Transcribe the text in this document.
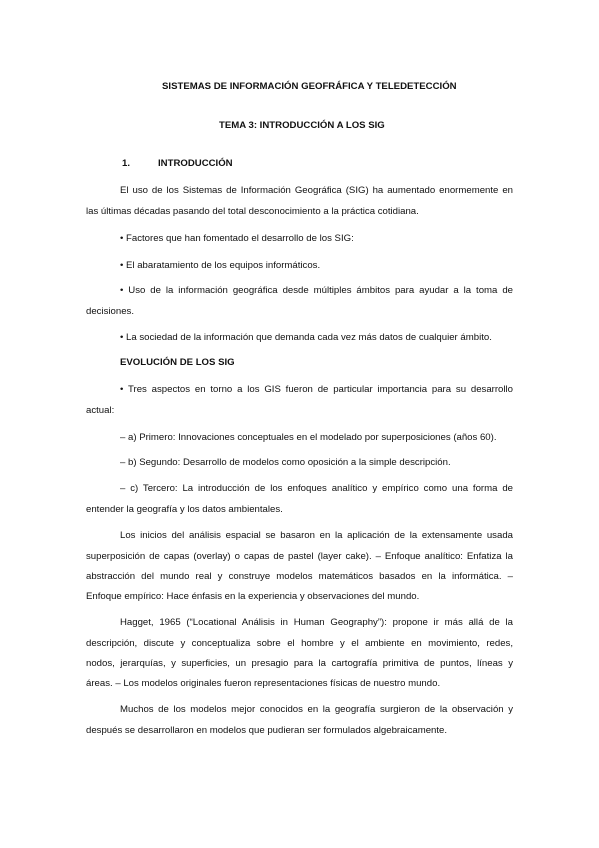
SISTEMAS DE INFORMACIÓN GEOFRÁFICA Y TELEDETECCIÓN
TEMA 3: INTRODUCCIÓN A LOS SIG
1.	INTRODUCCIÓN
El uso de los Sistemas de Información Geográfica (SIG) ha aumentado enormemente en
las últimas décadas pasando del total desconocimiento a la práctica cotidiana.
• Factores que han fomentado el desarrollo de los SIG:
• El abaratamiento de los equipos informáticos.
• Uso de la información geográfica desde múltiples ámbitos para ayudar a la toma de
decisiones.
• La sociedad de la información que demanda cada vez más datos de cualquier ámbito.
EVOLUCIÓN DE LOS SIG
• Tres aspectos en torno a los GIS fueron de particular importancia para su desarrollo
actual:
– a) Primero: Innovaciones conceptuales en el modelado por superposiciones (años 60).
– b) Segundo: Desarrollo de modelos como oposición a la simple descripción.
– c) Tercero: La introducción de los enfoques analítico y empírico como una forma de
entender la geografía y los datos ambientales.
Los inicios del análisis espacial se basaron en la aplicación de la extensamente usada
superposición de capas (overlay) o capas de pastel (layer cake). – Enfoque analítico: Enfatiza la
abstracción del mundo real y construye modelos matemáticos basados en la informática. –
Enfoque empírico: Hace énfasis en la experiencia y observaciones del mundo.
Hagget, 1965 (“Locational Análisis in Human Geography”): propone ir más allá de la
descripción, discute y conceptualiza sobre el hombre y el ambiente en movimiento, redes,
nodos, jerarquías, y superficies, un presagio para la cartografía primitiva de puntos, líneas y
áreas. – Los modelos originales fueron representaciones físicas de nuestro mundo.
Muchos de los modelos mejor conocidos en la geografía surgieron de la observación y
después se desarrollaron en modelos que pudieran ser formulados algebraicamente.
